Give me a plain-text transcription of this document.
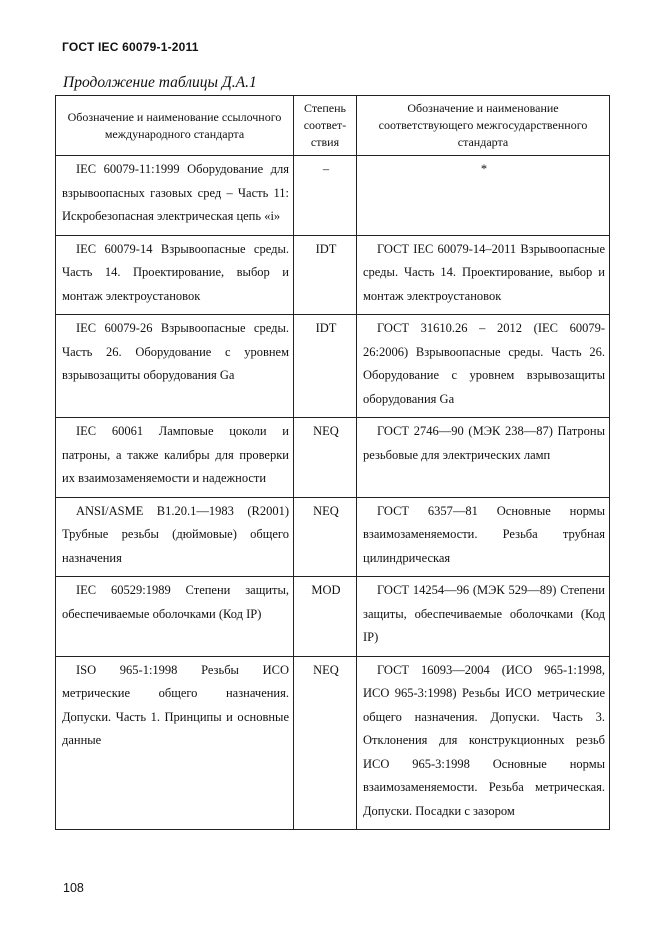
ГОСТ IEC 60079-1-2011
Продолжение таблицы Д.А.1
Обозначение и наименование ссылочного международного стандарта	Степень соответ-ствия	Обозначение и наименование соответствующего межгосударственного стандарта
IEC 60079-11:1999 Оборудование для взрывоопасных газовых сред – Часть 11: Искробезопасная электрическая цепь «i»	–	*
IEC 60079-14 Взрывоопасные среды. Часть 14. Проектирование, выбор и монтаж электроустановок	IDT	ГОСТ IEC 60079-14–2011 Взрывоопасные среды. Часть 14. Проектирование, выбор и монтаж электроустановок
IEC 60079-26 Взрывоопасные среды. Часть 26. Оборудование с уровнем взрывозащиты оборудования Ga	IDT	ГОСТ 31610.26 – 2012 (IEC 60079-26:2006) Взрывоопасные среды. Часть 26. Оборудование с уровнем взрывозащиты оборудования Ga
IEC 60061 Ламповые цоколи и патроны, а также калибры для проверки их взаимозаменяемости и надежности	NEQ	ГОСТ 2746—90 (МЭК 238—87) Патроны резьбовые для электрических ламп
ANSI/ASME B1.20.1—1983 (R2001) Трубные резьбы (дюймовые) общего назначения	NEQ	ГОСТ 6357—81 Основные нормы взаимозаменяемости. Резьба трубная цилиндрическая
IEC 60529:1989 Степени защиты, обеспечиваемые оболочками (Код IP)	MOD	ГОСТ 14254—96 (МЭК 529—89) Степени защиты, обеспечиваемые оболочками (Код IP)
ISO 965-1:1998 Резьбы ИСО метрические общего назначения. Допуски. Часть 1. Принципы и основные данные	NEQ	ГОСТ 16093—2004 (ИСО 965-1:1998, ИСО 965-3:1998) Резьбы ИСО метрические общего назначения. Допуски. Часть 3. Отклонения для конструкционных резьб ИСО 965-3:1998 Основные нормы взаимозаменяемости. Резьба метрическая. Допуски. Посадки с зазором
108
